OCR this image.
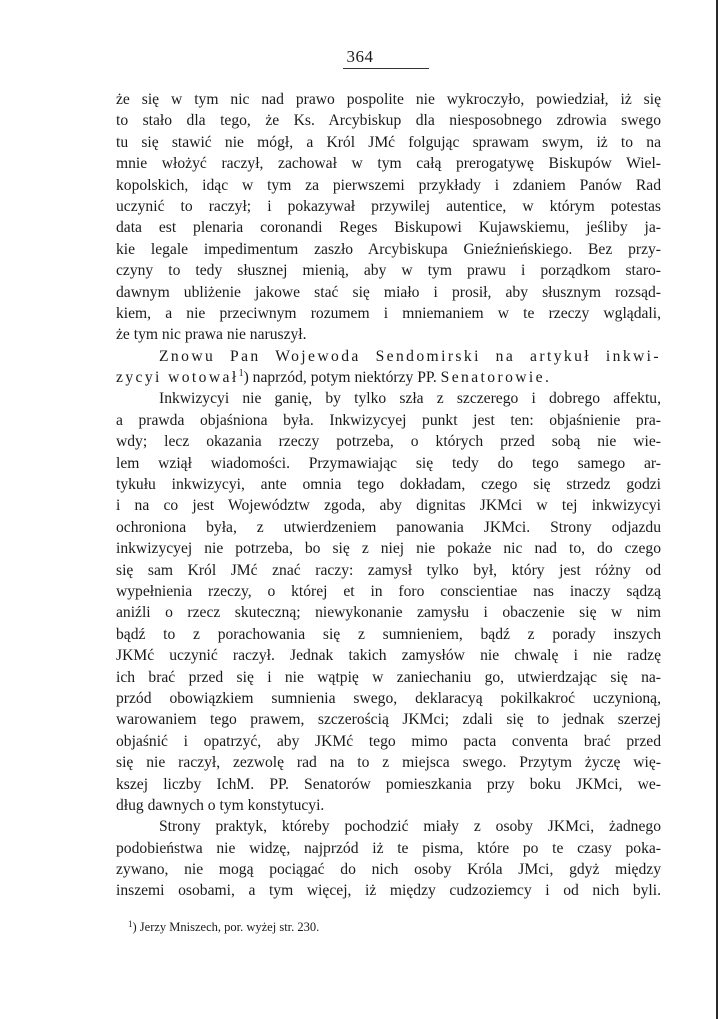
364
że się w tym nic nad prawo pospolite nie wykroczyło, powiedział, iż się
to stało dla tego, że Ks. Arcybiskup dla niesposobnego zdrowia swego
tu się stawić nie mógł, a Król JMć folgując sprawam swym, iż to na
mnie włożyć raczył, zachował w tym całą prerogatywę Biskupów Wiel-
kopolskich, idąc w tym za pierwszemi przykłady i zdaniem Panów Rad
uczynić to raczył; i pokazywał przywilej autentice, w którym potestas
data est plenaria coronandi Reges Biskupowi Kujawskiemu, jeśliby ja-
kie legale impedimentum zaszło Arcybiskupa Gnieźnieńskiego. Bez przy-
czyny to tedy słusznej mienią, aby w tym prawu i porządkom staro-
dawnym ubliżenie jakowe stać się miało i prosił, aby słusznym rozsąd-
kiem, a nie przeciwnym rozumem i mniemaniem w te rzeczy wglądali,
że tym nic prawa nie naruszył.
Znowu Pan Wojewoda Sendomirski na artykuł inkwi-
zycyi wotował$^1$) naprzód, potym niektórzy PP. Senatorowie.
Inkwizycyi nie ganię, by tylko szła z szczerego i dobrego affektu,
a prawda objaśniona była. Inkwizycyej punkt jest ten: objaśnienie pra-
wdy; lecz okazania rzeczy potrzeba, o których przed sobą nie wie-
lem wziął wiadomości. Przymawiając się tedy do tego samego ar-
tykułu inkwizycyi, ante omnia tego dokładam, czego się strzedz godzi
i na co jest Województw zgoda, aby dignitas JKMci w tej inkwizycyi
ochroniona była, z utwierdzeniem panowania JKMci. Strony odjazdu
inkwizycyej nie potrzeba, bo się z niej nie pokaże nic nad to, do czego
się sam Król JMć znać raczy: zamysł tylko był, który jest różny od
wypełnienia rzeczy, o której et in foro conscientiae nas inaczy sądzą
aniźli o rzecz skuteczną; niewykonanie zamysłu i obaczenie się w nim
bądź to z porachowania się z sumnieniem, bądź z porady inszych
JKMć uczynić raczył. Jednak takich zamysłów nie chwalę i nie radzę
ich brać przed się i nie wątpię w zaniechaniu go, utwierdzając się na-
przód obowiązkiem sumnienia swego, deklaracyą pokilkakroć uczynioną,
warowaniem tego prawem, szczerością JKMci; zdali się to jednak szerzej
objaśnić i opatrzyć, aby JKMć tego mimo pacta conventa brać przed
się nie raczył, zezwolę rad na to z miejsca swego. Przytym życzę wię-
kszej liczby IchM. PP. Senatorów pomieszkania przy boku JKMci, we-
dług dawnych o tym konstytucyi.
Strony praktyk, któreby pochodzić miały z osoby JKMci, żadnego
podobieństwa nie widzę, najprzód iż te pisma, które po te czasy poka-
zywano, nie mogą pociągać do nich osoby Króla JMci, gdyż między
inszemi osobami, a tym więcej, iż między cudzoziemcy i od nich byli.
$^1$) Jerzy Mniszech, por. wyżej str. 230.
